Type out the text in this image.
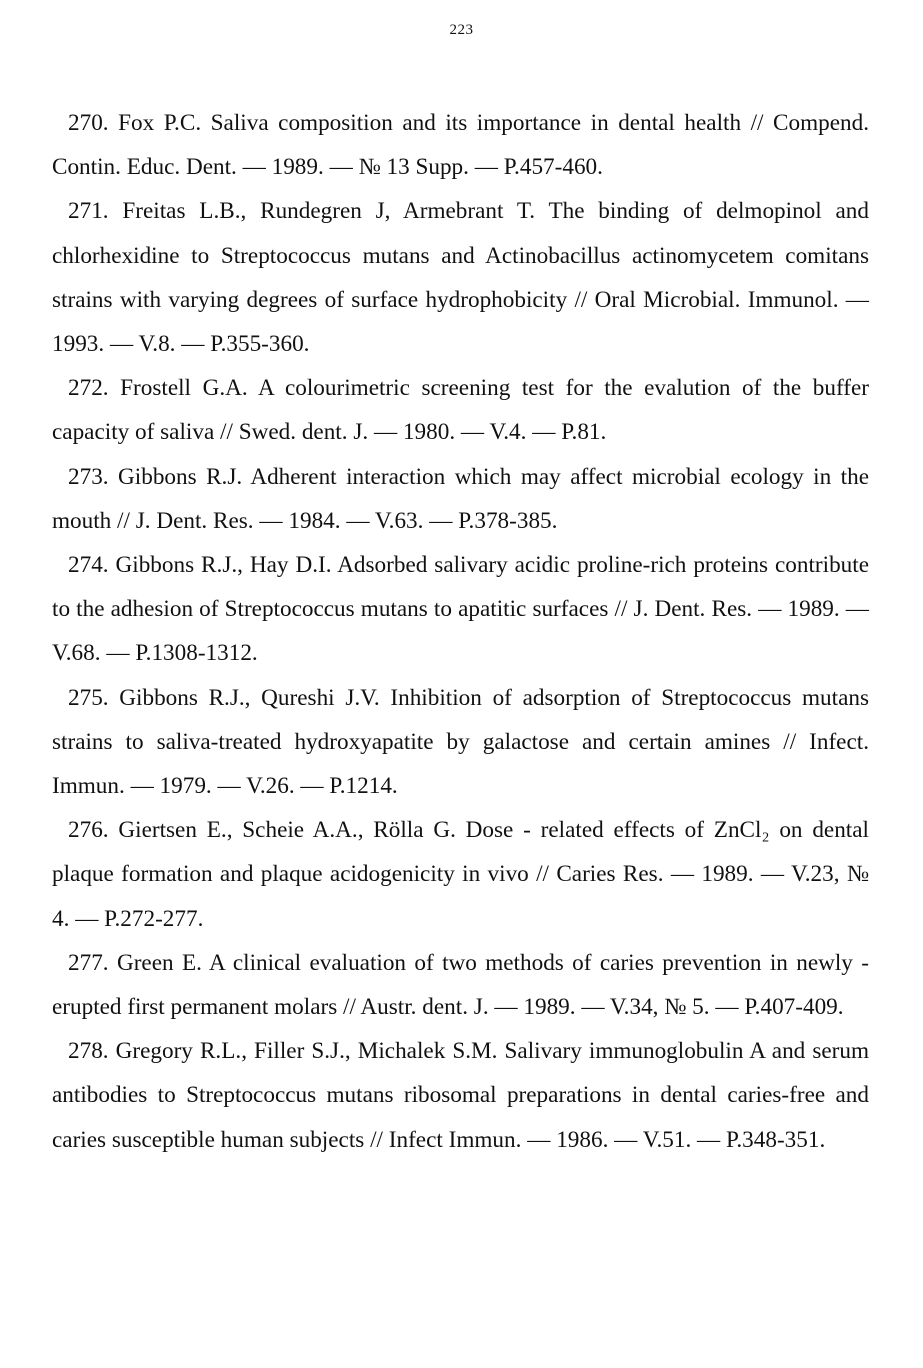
223

270. Fox P.C. Saliva composition and its importance in dental health // Compend. Contin. Educ. Dent. — 1989. — № 13 Supp. — P.457-460.

271. Freitas L.B., Rundegren J, Armebrant T. The binding of delmopinol and chlorhexidine to Streptococcus mutans and Actinobacillus actinomycetem comitans strains with varying degrees of surface hydrophobicity // Oral Microbial. Immunol. — 1993. — V.8. — P.355-360.

272. Frostell G.A. A colourimetric screening test for the evalution of the buffer capacity of saliva // Swed. dent. J. — 1980. — V.4. — P.81.

273. Gibbons R.J. Adherent interaction which may affect microbial ecology in the mouth // J. Dent. Res. — 1984. — V.63. — P.378-385.

274. Gibbons R.J., Hay D.I. Adsorbed salivary acidic proline-rich proteins contribute to the adhesion of Streptococcus mutans to apatitic surfaces // J. Dent. Res. — 1989. — V.68. — P.1308-1312.

275. Gibbons R.J., Qureshi J.V. Inhibition of adsorption of Streptococcus mutans strains to saliva-treated hydroxyapatite by galactose and certain amines // Infect. Immun. — 1979. — V.26. — P.1214.

276. Giertsen E., Scheie A.A., Rölla G. Dose - related effects of ZnCl₂ on dental plaque formation and plaque acidogenicity in vivo // Caries Res. — 1989. — V.23, № 4. — P.272-277.

277. Green E. A clinical evaluation of two methods of caries prevention in newly - erupted first permanent molars // Austr. dent. J. — 1989. — V.34, № 5. — P.407-409.

278. Gregory R.L., Filler S.J., Michalek S.M. Salivary immunoglobulin A and serum antibodies to Streptococcus mutans ribosomal preparations in dental caries-free and caries susceptible human subjects // Infect Immun. — 1986. — V.51. — P.348-351.
